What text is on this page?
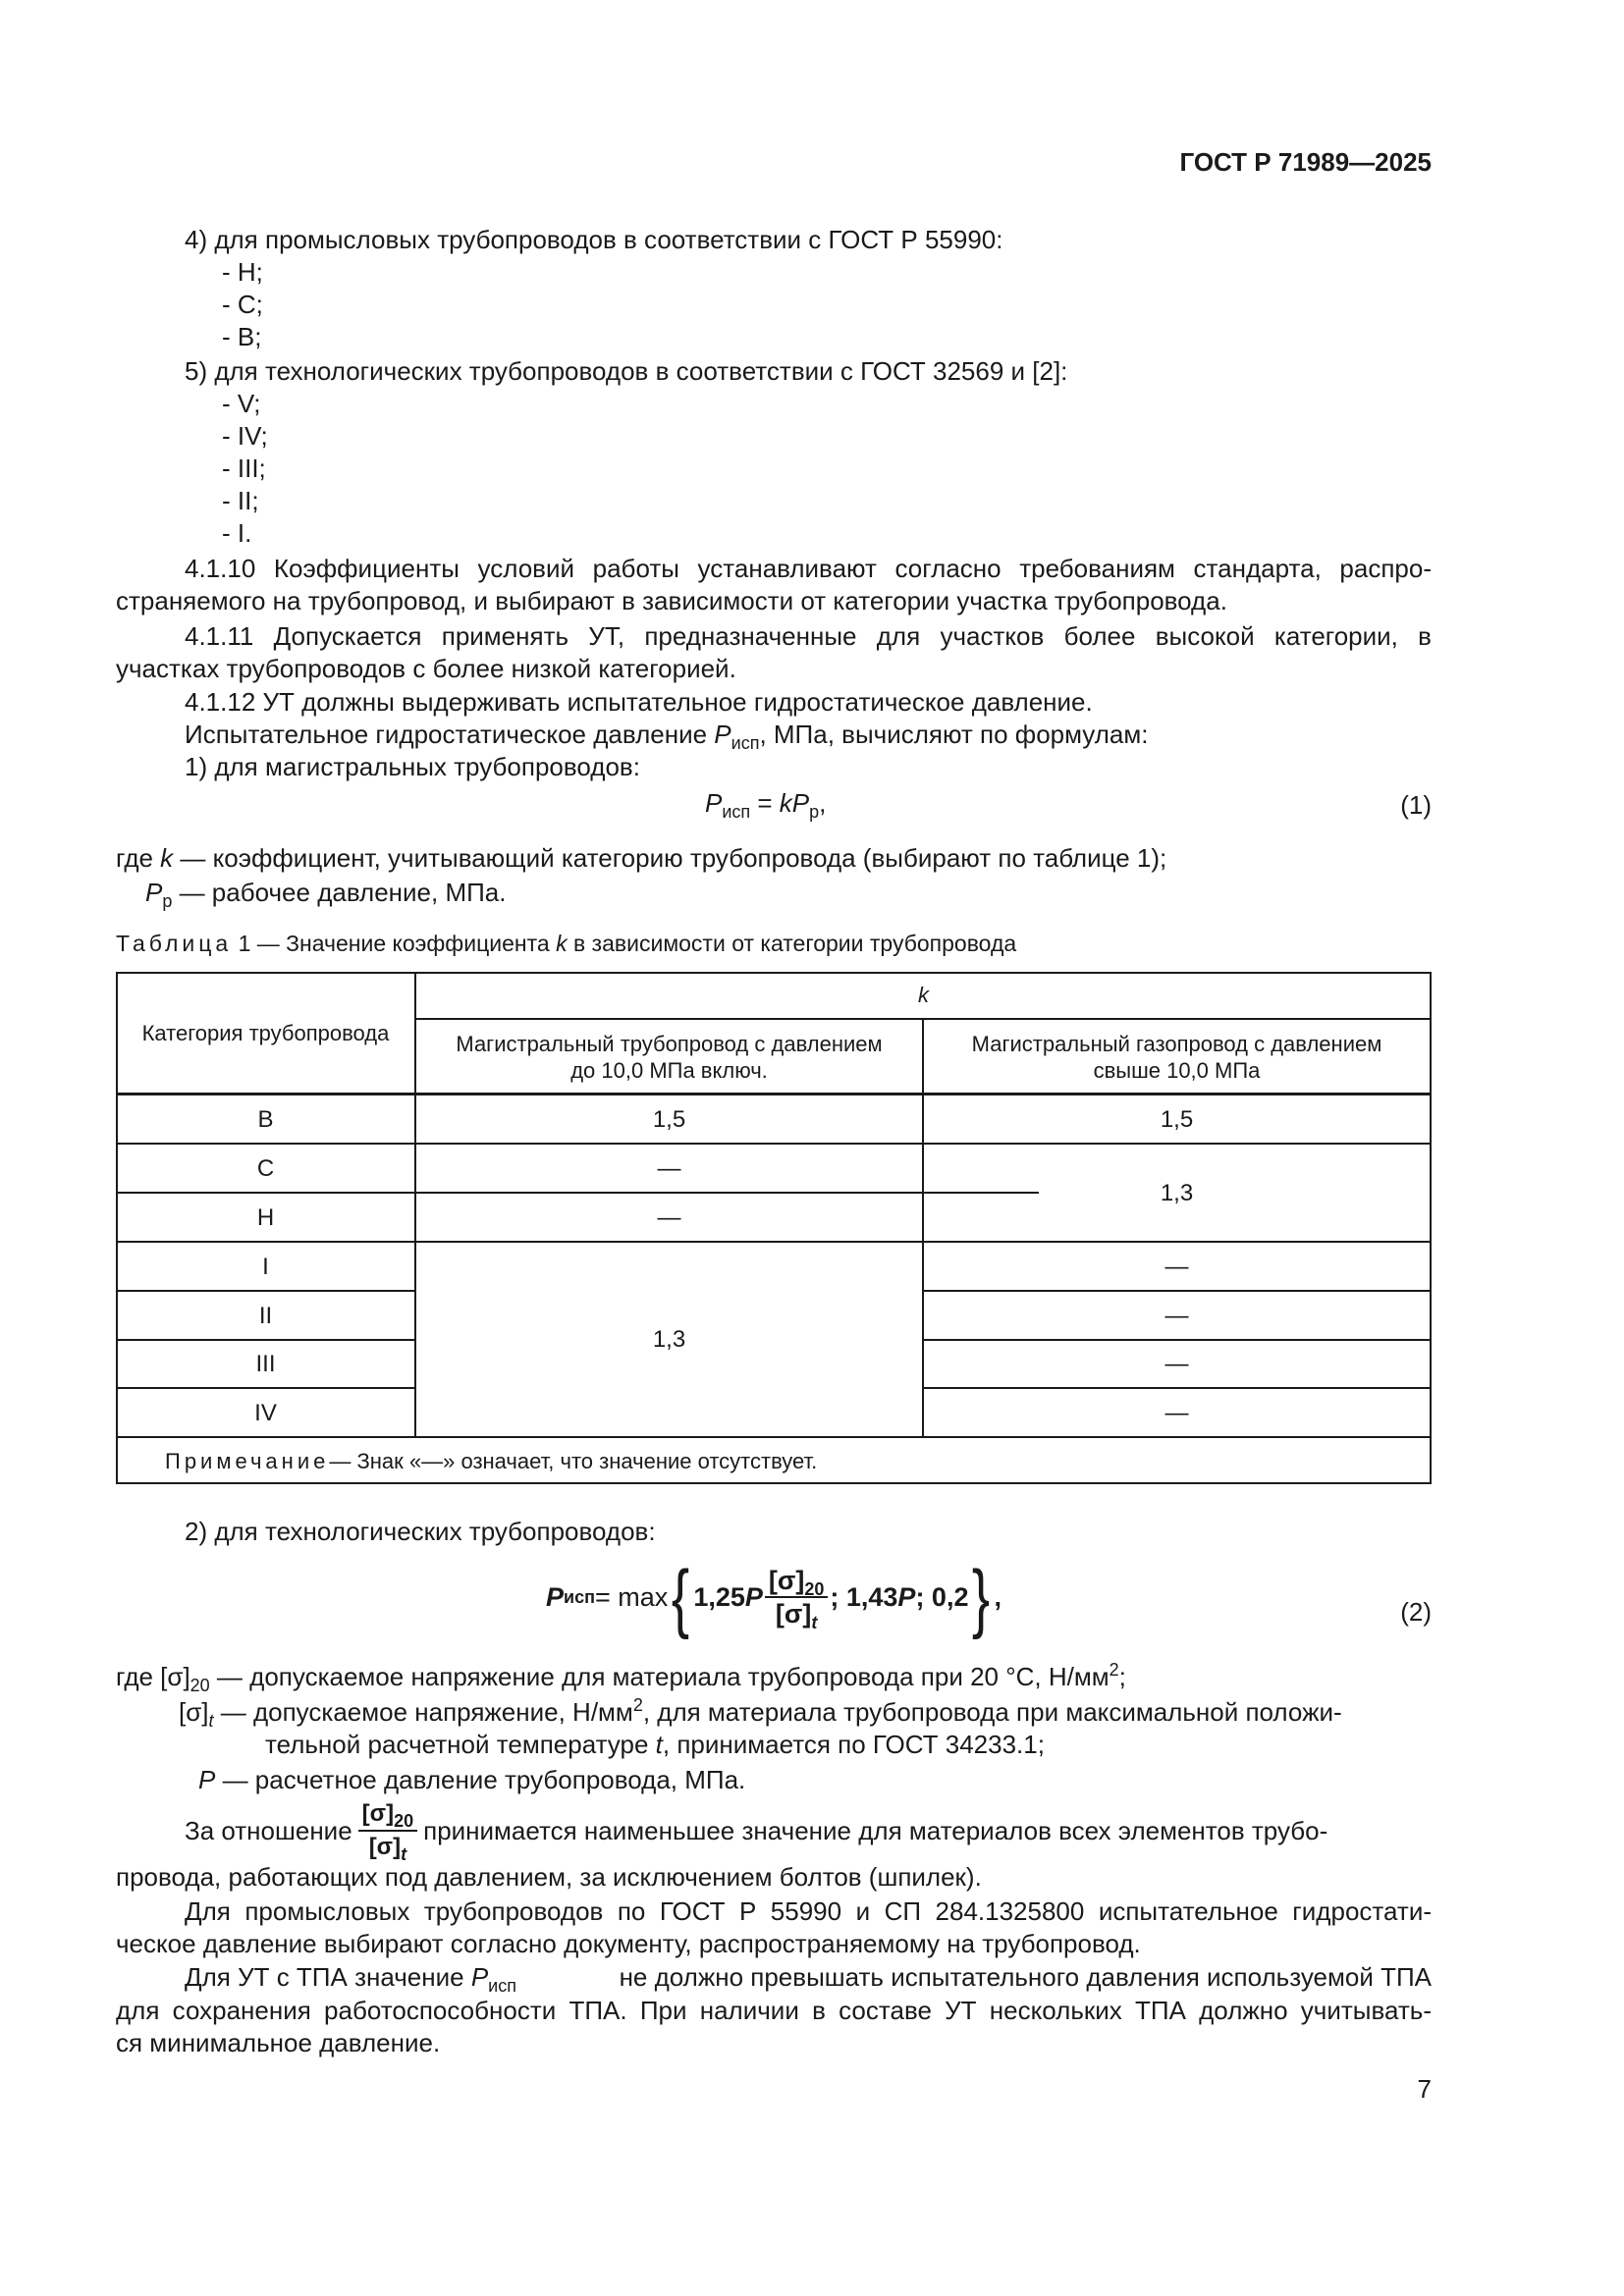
ГОСТ Р 71989—2025
4) для промысловых трубопроводов в соответствии с ГОСТ Р 55990:
- Н;
- С;
- В;
5) для технологических трубопроводов в соответствии с ГОСТ 32569 и [2]:
- V;
- IV;
- III;
- II;
- I.
4.1.10 Коэффициенты условий работы устанавливают согласно требованиям стандарта, распро-
страняемого на трубопровод, и выбирают в зависимости от категории участка трубопровода.
4.1.11 Допускается применять УТ, предназначенные для участков более высокой категории, в
участках трубопроводов с более низкой категорией.
4.1.12 УТ должны выдерживать испытательное гидростатическое давление.
Испытательное гидростатическое давление $P_{исп}$, МПа, вычисляют по формулам:
1) для магистральных трубопроводов:
$P_{исп} = kP_р$,	(1)
где k — коэффициент, учитывающий категорию трубопровода (выбирают по таблице 1);
$P_р$ — рабочее давление, МПа.
Таблица 1 — Значение коэффициента k в зависимости от категории трубопровода
Категория трубопровода
k
Магистральный трубопровод с давлением до 10,0 МПа включ.
Магистральный газопровод с давлением свыше 10,0 МПа
В
С
Н
I
II
III
IV
1,5
—
—
1,3
1,5
1,3
—
—
—
—
Примечание — Знак «—» означает, что значение отсутствует.
2) для технологических трубопроводов:
P исп = max { 1,25 P $\frac{[\sigma]_{20}}{[\sigma]_t}$ ; 1,43 P ; 0,2 } ,
(2)
где $[\sigma]_{20}$ — допускаемое напряжение для материала трубопровода при 20 °С, $Н/мм^2$;
$[\sigma]_t$ — допускаемое напряжение, $Н/мм^2$, для материала трубопровода при максимальной положи-
тельной расчетной температуре t, принимается по ГОСТ 34233.1;
P — расчетное давление трубопровода, МПа.
За отношение $\frac{[\sigma]_{20}}{[\sigma]_t}$ принимается наименьшее значение для материалов всех элементов трубо-
провода, работающих под давлением, за исключением болтов (шпилек).
Для промысловых трубопроводов по ГОСТ Р 55990 и СП 284.1325800 испытательное гидростати-
ческое давление выбирают согласно документу, распространяемому на трубопровод.
Для УТ с ТПА значение $P_{исп}$	не должно превышать испытательного давления используемой ТПА
для сохранения работоспособности ТПА. При наличии в составе УТ нескольких ТПА должно учитывать-
ся минимальное давление.
7
